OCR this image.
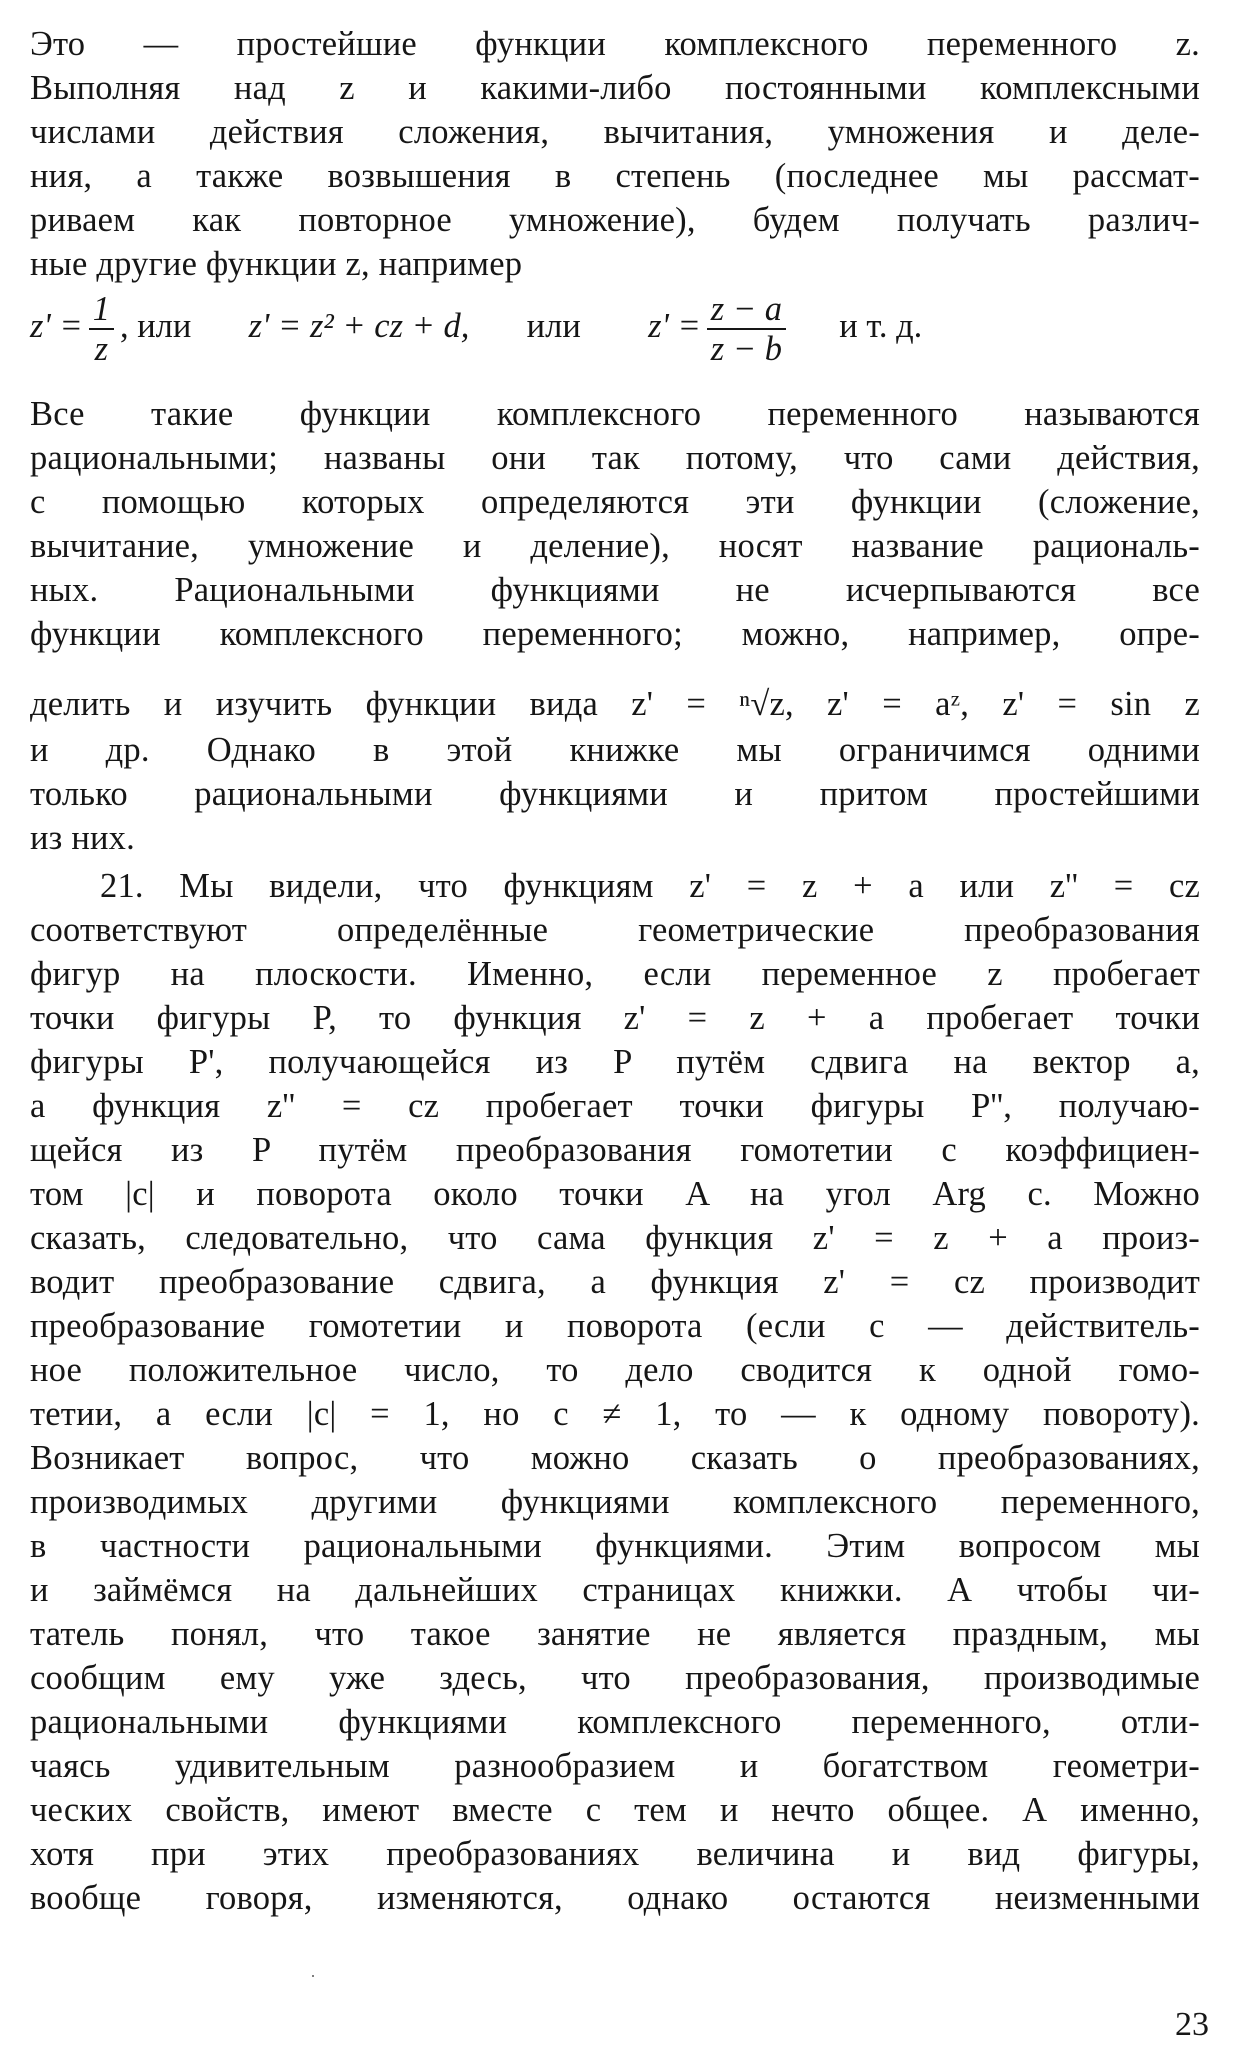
Это — простейшие функции комплексного переменного z.
Выполняя над z и какими-либо постоянными комплексными
числами действия сложения, вычитания, умножения и деле-
ния, а также возвышения в степень (последнее мы рассмат-
риваем как повторное умножение), будем получать различ-
ные другие функции z, например
$z' = \frac{1}{z}$ , или z' = z² + cz + d, или $z' = \frac{z - a}{z - b}$ и т. д.
Все такие функции комплексного переменного называются
рациональными; названы они так потому, что сами действия,
с помощью которых определяются эти функции (сложение,
вычитание, умножение и деление), носят название рациональ-
ных. Рациональными функциями не исчерпываются все
функции комплексного переменного; можно, например, опре-
делить и изучить функции вида z' = ⁿ√z, z' = aᶻ, z' = sin z
и др. Однако в этой книжке мы ограничимся одними
только рациональными функциями и притом простейшими
из них.
21. Мы видели, что функциям z' = z + a или z'' = cz
соответствуют определённые геометрические преобразования
фигур на плоскости. Именно, если переменное z пробегает
точки фигуры P, то функция z' = z + a пробегает точки
фигуры P', получающейся из P путём сдвига на вектор a,
а функция z'' = cz пробегает точки фигуры P'', получаю-
щейся из P путём преобразования гомотетии с коэффициен-
том |c| и поворота около точки A на угол Arg c. Можно
сказать, следовательно, что сама функция z' = z + a произ-
водит преобразование сдвига, а функция z' = cz производит
преобразование гомотетии и поворота (если c — действитель-
ное положительное число, то дело сводится к одной гомо-
тетии, а если |c| = 1, но c ≠ 1, то — к одному повороту).
Возникает вопрос, что можно сказать о преобразованиях,
производимых другими функциями комплексного переменного,
в частности рациональными функциями. Этим вопросом мы
и займёмся на дальнейших страницах книжки. А чтобы чи-
татель понял, что такое занятие не является праздным, мы
сообщим ему уже здесь, что преобразования, производимые
рациональными функциями комплексного переменного, отли-
чаясь удивительным разнообразием и богатством геометри-
ческих свойств, имеют вместе с тем и нечто общее. А именно,
хотя при этих преобразованиях величина и вид фигуры,
вообще говоря, изменяются, однако остаются неизменными
23
